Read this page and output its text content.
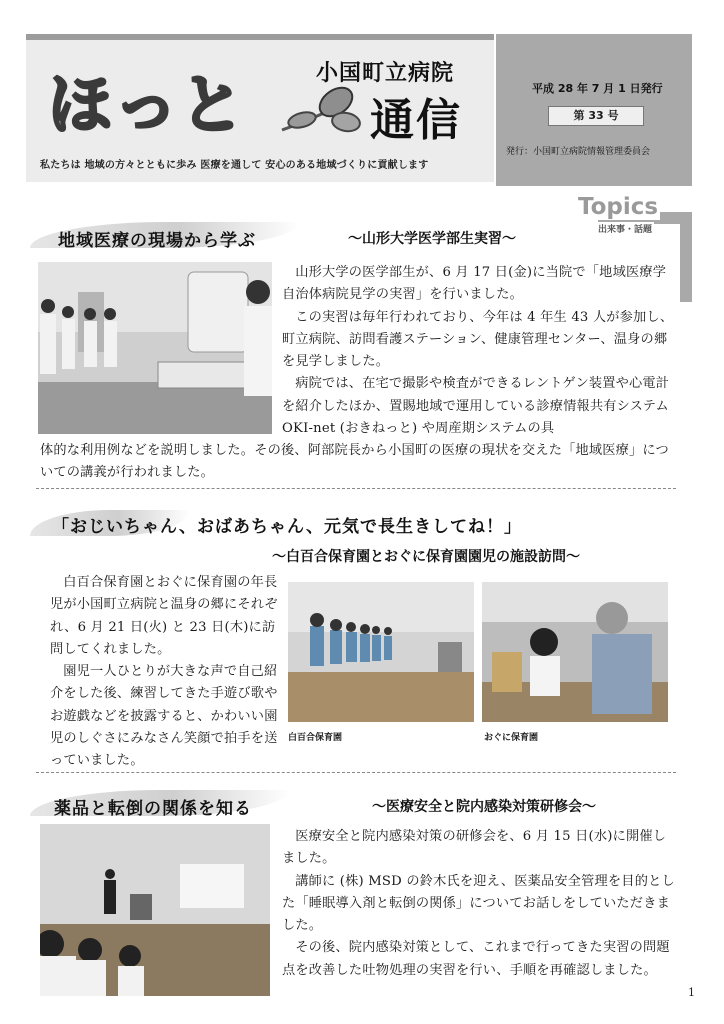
ほっと	小国町立病院
通信
私たちは 地域の方々とともに歩み 医療を通して 安心のある地域づくりに貢献します
平成 28 年 7 月 1 日発行
第 33 号
発行：小国町立病院情報管理委員会
Topics
出来事・話題
地域医療の現場から学ぶ	～山形大学医学部生実習～

山形大学の医学部生が、6 月 17 日(金)に当院で「地域医療学自治体病院見学の実習」を行いました。

この実習は毎年行われており、今年は 4 年生 43 人が参加し、町立病院、訪問看護ステーション、健康管理センター、温身の郷を見学しました。

病院では、在宅で撮影や検査ができるレントゲン装置や心電計を紹介したほか、置賜地域で運用している診療情報共有システム OKI-net (おきねっと) や周産期システムの具

体的な利用例などを説明しました。その後、阿部院長から小国町の医療の現状を交えた「地域医療」についての講義が行われました。
「おじいちゃん、おばあちゃん、元気で長生きしてね！」
～白百合保育園とおぐに保育園園児の施設訪問～

白百合保育園とおぐに保育園の年長児が小国町立病院と温身の郷にそれぞれ、6 月 21 日(火) と 23 日(木)に訪問してくれました。

園児一人ひとりが大きな声で自己紹介をした後、練習してきた手遊び歌やお遊戯などを披露すると、かわいい園児のしぐさにみなさん笑顔で拍手を送っていました。

白百合保育園	おぐに保育園
薬品と転倒の関係を知る	～医療安全と院内感染対策研修会～

医療安全と院内感染対策の研修会を、6 月 15 日(水)に開催しました。

講師に (株) MSD の鈴木氏を迎え、医薬品安全管理を目的とした「睡眠導入剤と転倒の関係」についてお話しをしていただきました。

その後、院内感染対策として、これまで行ってきた実習の問題点を改善した吐物処理の実習を行い、手順を再確認しました。

1
